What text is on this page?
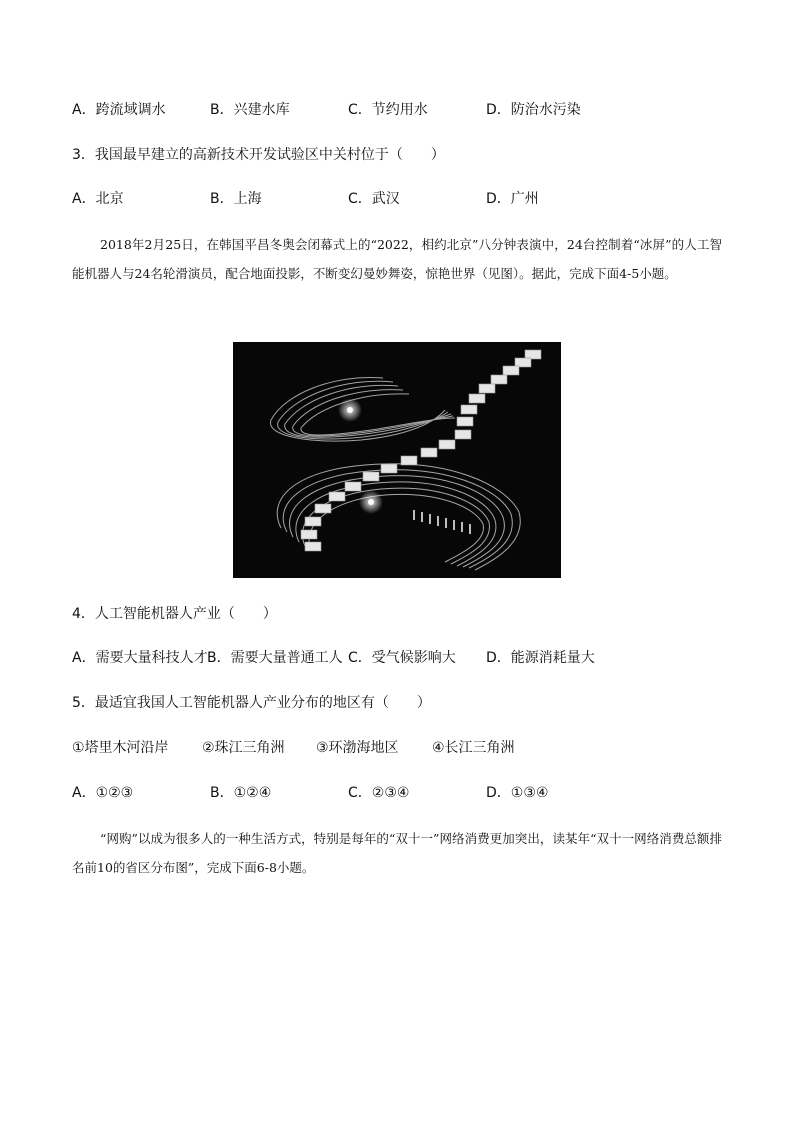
A．跨流域调水	B．兴建水库	C．节约用水	D．防治水污染
3．我国最早建立的高新技术开发试验区中关村位于（　　）
A．北京	B．上海	C．武汉	D．广州
2018年2月25日，在韩国平昌冬奥会闭幕式上的“2022，相约北京”八分钟表演中，24台控制着“冰屏”的人工智能机器人与24名轮滑演员，配合地面投影，不断变幻曼妙舞姿，惊艳世界（见图）。据此，完成下面4-5小题。
4．人工智能机器人产业（　　）
A．需要大量科技人才 B．需要大量普通工人 C．受气候影响大 D．能源消耗量大
5．最适宜我国人工智能机器人产业分布的地区有（　　）
①塔里木河沿岸 ②珠江三角洲 ③环渤海地区 ④长江三角洲
A．①②③	B．①②④	C．②③④	D．①③④
“网购”以成为很多人的一种生活方式，特别是每年的“双十一”网络消费更加突出，读某年“双十一网络消费总额排名前10的省区分布图”，完成下面6-8小题。
